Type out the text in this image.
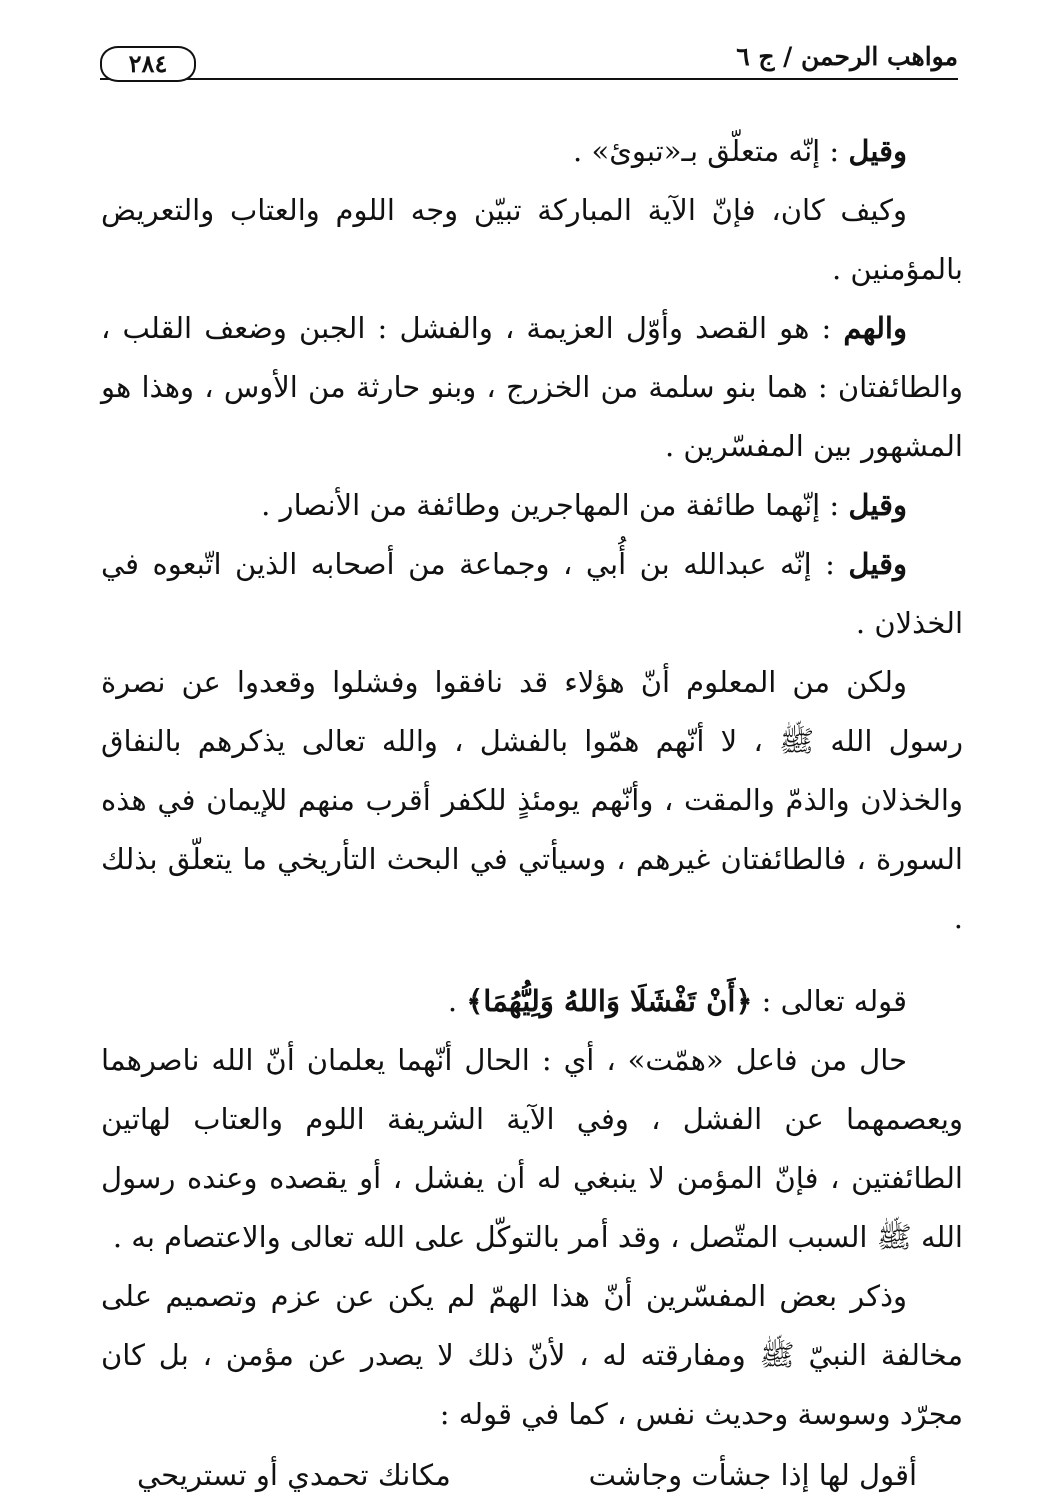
مواهب الرحمن / ج ٦
٢٨٤

وقيل : إنّه متعلّق بـ«تبوئ» .

وكيف كان، فإنّ الآية المباركة تبيّن وجه اللوم والعتاب والتعريض بالمؤمنين .

والهم : هو القصد وأوّل العزيمة ، والفشل : الجبن وضعف القلب ، والطائفتان : هما بنو سلمة من الخزرج ، وبنو حارثة من الأوس ، وهذا هو المشهور بين المفسّرين .

وقيل : إنّهما طائفة من المهاجرين وطائفة من الأنصار .

وقيل : إنّه عبدالله بن أُبي ، وجماعة من أصحابه الذين اتّبعوه في الخذلان .

ولكن من المعلوم أنّ هؤلاء قد نافقوا وفشلوا وقعدوا عن نصرة رسول الله ﷺ ، لا أنّهم همّوا بالفشل ، والله تعالى يذكرهم بالنفاق والخذلان والذمّ والمقت ، وأنّهم يومئذٍ للكفر أقرب منهم للإيمان في هذه السورة ، فالطائفتان غيرهم ، وسيأتي في البحث التأريخي ما يتعلّق بذلك .

قوله تعالى : ﴿أَنْ تَفْشَلَا وَاللهُ وَلِيُّهُمَا﴾ .

حال من فاعل «همّت» ، أي : الحال أنّهما يعلمان أنّ الله ناصرهما ويعصمهما عن الفشل ، وفي الآية الشريفة اللوم والعتاب لهاتين الطائفتين ، فإنّ المؤمن لا ينبغي له أن يفشل ، أو يقصده وعنده رسول الله ﷺ السبب المتّصل ، وقد أمر بالتوكّل على الله تعالى والاعتصام به .

وذكر بعض المفسّرين أنّ هذا الهمّ لم يكن عن عزم وتصميم على مخالفة النبيّ ﷺ ومفارقته له ، لأنّ ذلك لا يصدر عن مؤمن ، بل كان مجرّد وسوسة وحديث نفس ، كما في قوله :

أقول لها إذا جشأت وجاشت
مكانك تحمدي أو تستريحي
